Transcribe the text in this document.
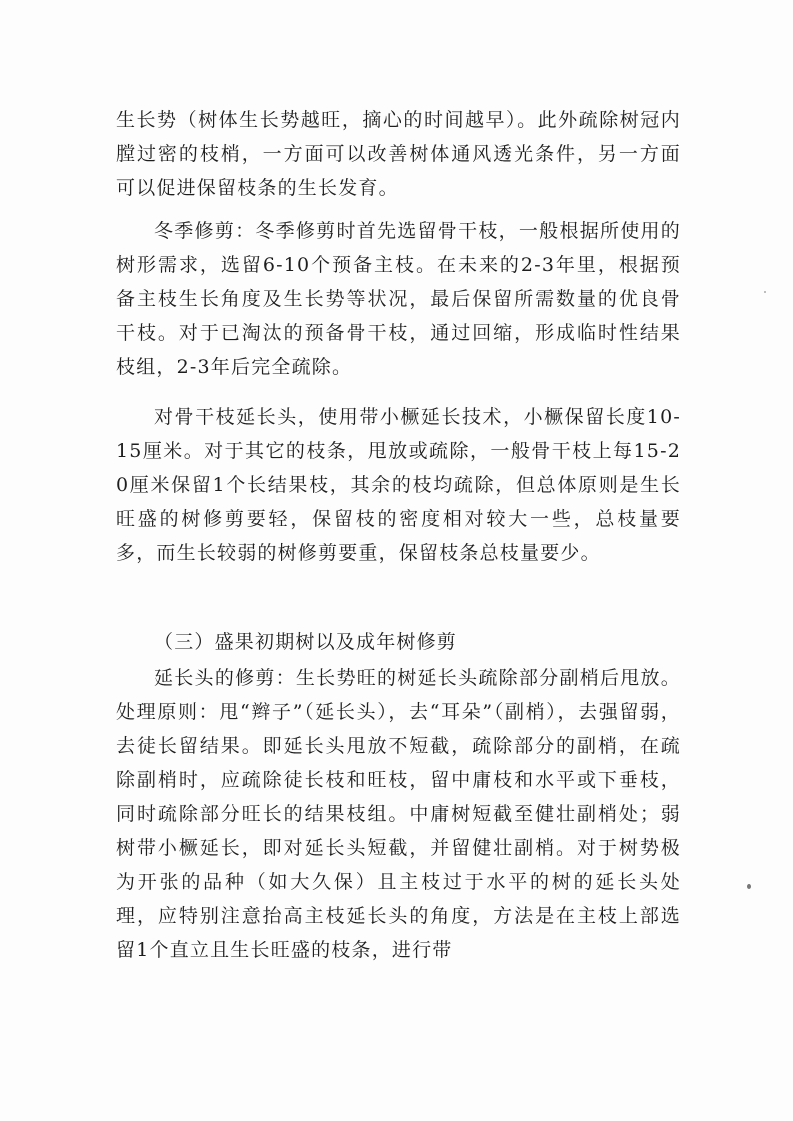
生长势（树体生长势越旺，摘心的时间越早）。此外疏除树冠内膛过密的枝梢，一方面可以改善树体通风透光条件，另一方面可以促进保留枝条的生长发育。

冬季修剪：冬季修剪时首先选留骨干枝，一般根据所使用的树形需求，选留6-10个预备主枝。在未来的2-3年里，根据预备主枝生长角度及生长势等状况，最后保留所需数量的优良骨干枝。对于已淘汰的预备骨干枝，通过回缩，形成临时性结果枝组，2-3年后完全疏除。

对骨干枝延长头，使用带小橛延长技术，小橛保留长度10-15厘米。对于其它的枝条，甩放或疏除，一般骨干枝上每15-20厘米保留1个长结果枝，其余的枝均疏除，但总体原则是生长旺盛的树修剪要轻，保留枝的密度相对较大一些，总枝量要多，而生长较弱的树修剪要重，保留枝条总枝量要少。

（三）盛果初期树以及成年树修剪

延长头的修剪：生长势旺的树延长头疏除部分副梢后甩放。处理原则：甩“辫子”（延长头），去“耳朵”（副梢），去强留弱，去徒长留结果。即延长头甩放不短截，疏除部分的副梢，在疏除副梢时，应疏除徒长枝和旺枝，留中庸枝和水平或下垂枝，同时疏除部分旺长的结果枝组。中庸树短截至健壮副梢处；弱树带小橛延长，即对延长头短截，并留健壮副梢。对于树势极为开张的品种（如大久保）且主枝过于水平的树的延长头处理，应特别注意抬高主枝延长头的角度，方法是在主枝上部选留1个直立且生长旺盛的枝条，进行带
